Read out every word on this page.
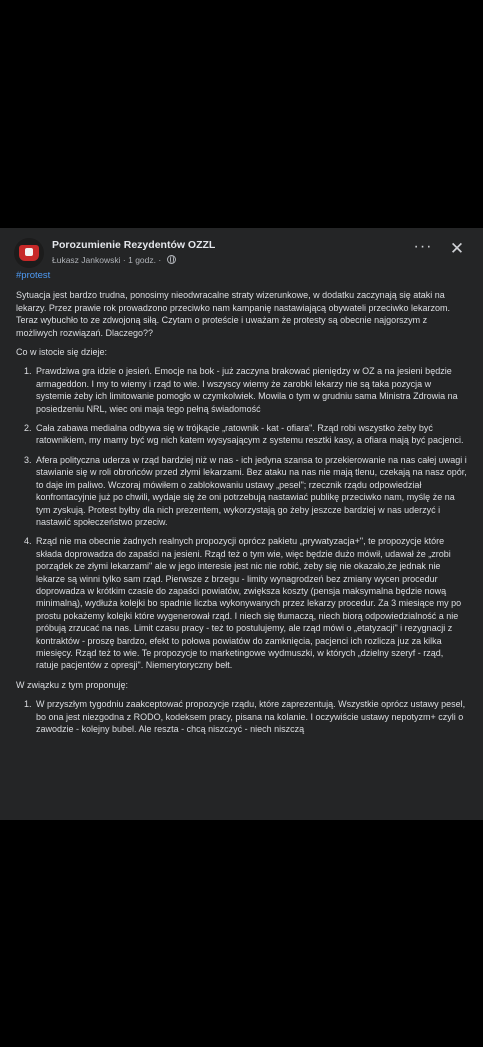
Porozumienie Rezydentów OZZL
Łukasz Jankowski · 1 godz. ·
··· ✕
#protest
Sytuacja jest bardzo trudna, ponosimy nieodwracalne straty wizerunkowe, w dodatku zaczynają się ataki na lekarzy. Przez prawie rok prowadzono przeciwko nam kampanię nastawiającą obywateli przeciwko lekarzom. Teraz wybuchło to ze zdwojoną siłą. Czytam o proteście i uważam że protesty są obecnie najgorszym z możliwych rozwiązań. Dlaczego??
Co w istocie się dzieje:
1. Prawdziwa gra idzie o jesień. Emocje na bok - już zaczyna brakować pieniędzy w OZ a na jesieni będzie armageddon. I my to wiemy i rząd to wie. I wszyscy wiemy że zarobki lekarzy nie są taka pozycja w systemie żeby ich limitowanie pomogło w czymkolwiek. Mowila o tym w grudniu sama Ministra Zdrowia na posiedzeniu NRL, wiec oni maja tego pełną świadomość
2. Cała zabawa medialna odbywa się w trójkącie „ratownik - kat - ofiara". Rząd robi wszystko żeby być ratownikiem, my mamy być wg nich katem wysysającym z systemu resztki kasy, a ofiara mają być pacjenci.
3. Afera polityczna uderza w rząd bardziej niż w nas - ich jedyna szansa to przekierowanie na nas całej uwagi i stawianie się w roli obrońców przed złymi lekarzami. Bez ataku na nas nie mają tlenu, czekają na nasz opór, to daje im paliwo. Wczoraj mówiłem o zablokowaniu ustawy „pesel"; rzecznik rządu odpowiedział konfrontacyjnie już po chwili, wydaje się że oni potrzebują nastawiać publikę przeciwko nam, myślę że na tym zyskują. Protest byłby dla nich prezentem, wykorzystają go żeby jeszcze bardziej w nas uderzyć i nastawić społeczeństwo przeciw.
4. Rząd nie ma obecnie żadnych realnych propozycji oprócz pakietu „prywatyzacja+", te propozycje które składa doprowadza do zapaści na jesieni. Rząd też o tym wie, więc będzie dużo mówił, udawał że „zrobi porządek ze złymi lekarzami" ale w jego interesie jest nic nie robić, żeby się nie okazało,że jednak nie lekarze są winni tylko sam rząd. Pierwsze z brzegu - limity wynagrodzeń bez zmiany wycen procedur doprowadza w krótkim czasie do zapaści powiatów, zwiększa koszty (pensja maksymalna będzie nową minimalną), wydłuża kolejki bo spadnie liczba wykonywanych przez lekarzy procedur. Za 3 miesiące my po prostu pokażemy kolejki które wygenerował rząd. I niech się tłumaczą, niech biorą odpowiedzialność a nie próbują zrzucać na nas. Limit czasu pracy - też to postulujemy, ale rząd mówi o „etatyzacji" i rezygnacji z kontraktów - proszę bardzo, efekt to połowa powiatów do zamknięcia, pacjenci ich rozlicza juz za kilka miesięcy. Rząd też to wie. Te propozycje to marketingowe wydmuszki, w których „dzielny szeryf - rząd, ratuje pacjentów z opresji". Niemerytoryczny bełt.
W związku z tym proponuję:
1. W przyszłym tygodniu zaakceptować propozycje rządu, które zaprezentują. Wszystkie oprócz ustawy pesel, bo ona jest niezgodna z RODO, kodeksem pracy, pisana na kolanie. I oczywiście ustawy nepotyzm+ czyli o zawodzie - kolejny bubel. Ale reszta - chcą niszczyć - niech niszczą
